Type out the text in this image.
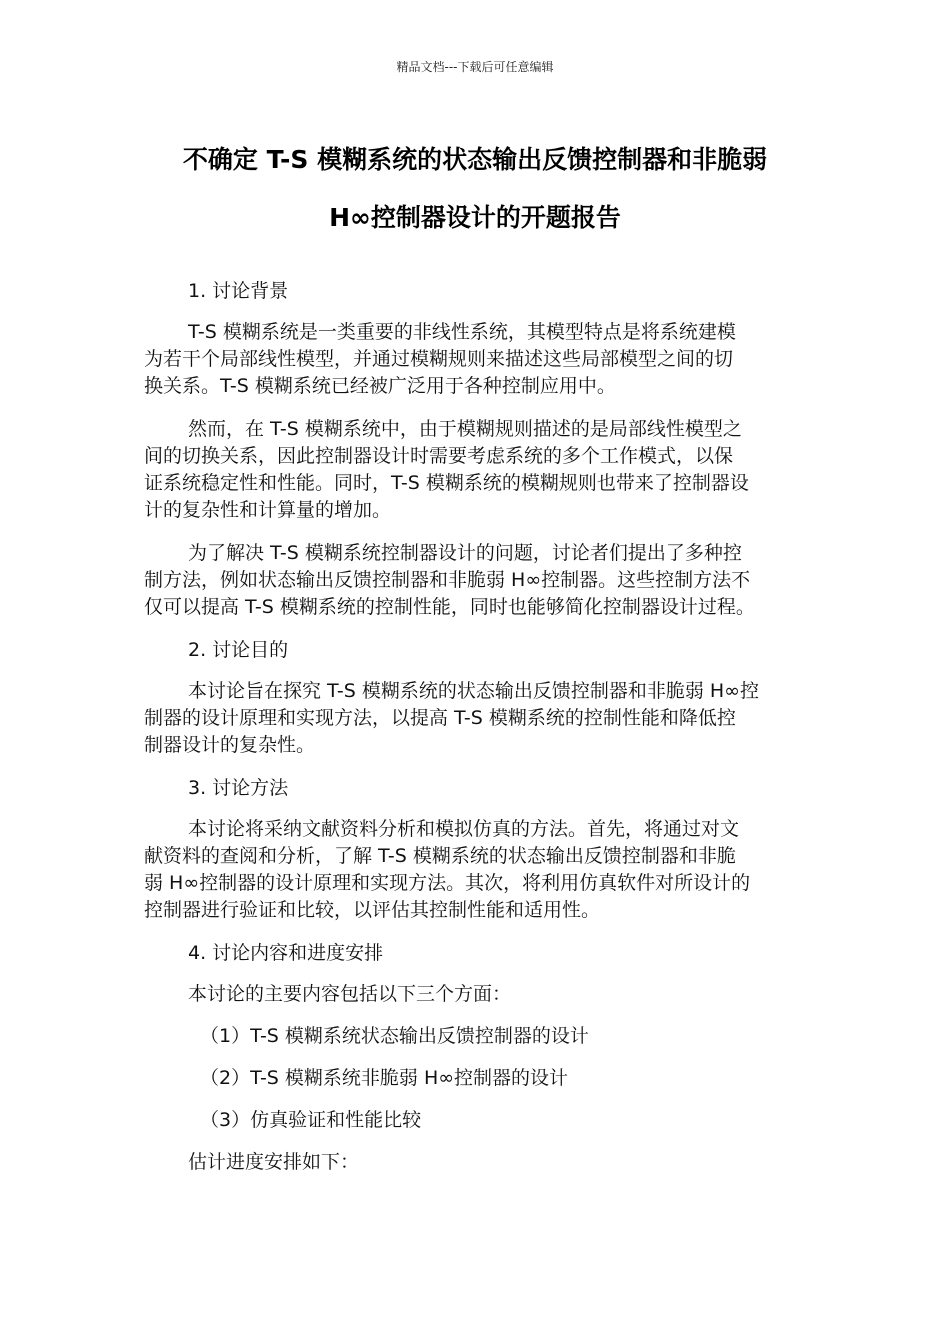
精品文档---下载后可任意编辑
不确定 T-S 模糊系统的状态输出反馈控制器和非脆弱
H∞控制器设计的开题报告
1. 讨论背景
T-S 模糊系统是一类重要的非线性系统，其模型特点是将系统建模
为若干个局部线性模型，并通过模糊规则来描述这些局部模型之间的切
换关系。T-S 模糊系统已经被广泛用于各种控制应用中。
然而，在 T-S 模糊系统中，由于模糊规则描述的是局部线性模型之
间的切换关系，因此控制器设计时需要考虑系统的多个工作模式，以保
证系统稳定性和性能。同时，T-S 模糊系统的模糊规则也带来了控制器设
计的复杂性和计算量的增加。
为了解决 T-S 模糊系统控制器设计的问题，讨论者们提出了多种控
制方法，例如状态输出反馈控制器和非脆弱 H∞控制器。这些控制方法不
仅可以提高 T-S 模糊系统的控制性能，同时也能够简化控制器设计过程。
2. 讨论目的
本讨论旨在探究 T-S 模糊系统的状态输出反馈控制器和非脆弱 H∞控
制器的设计原理和实现方法，以提高 T-S 模糊系统的控制性能和降低控
制器设计的复杂性。
3. 讨论方法
本讨论将采纳文献资料分析和模拟仿真的方法。首先，将通过对文
献资料的查阅和分析，了解 T-S 模糊系统的状态输出反馈控制器和非脆
弱 H∞控制器的设计原理和实现方法。其次，将利用仿真软件对所设计的
控制器进行验证和比较，以评估其控制性能和适用性。
4. 讨论内容和进度安排
本讨论的主要内容包括以下三个方面：
（1）T-S 模糊系统状态输出反馈控制器的设计
（2）T-S 模糊系统非脆弱 H∞控制器的设计
（3）仿真验证和性能比较
估计进度安排如下：
